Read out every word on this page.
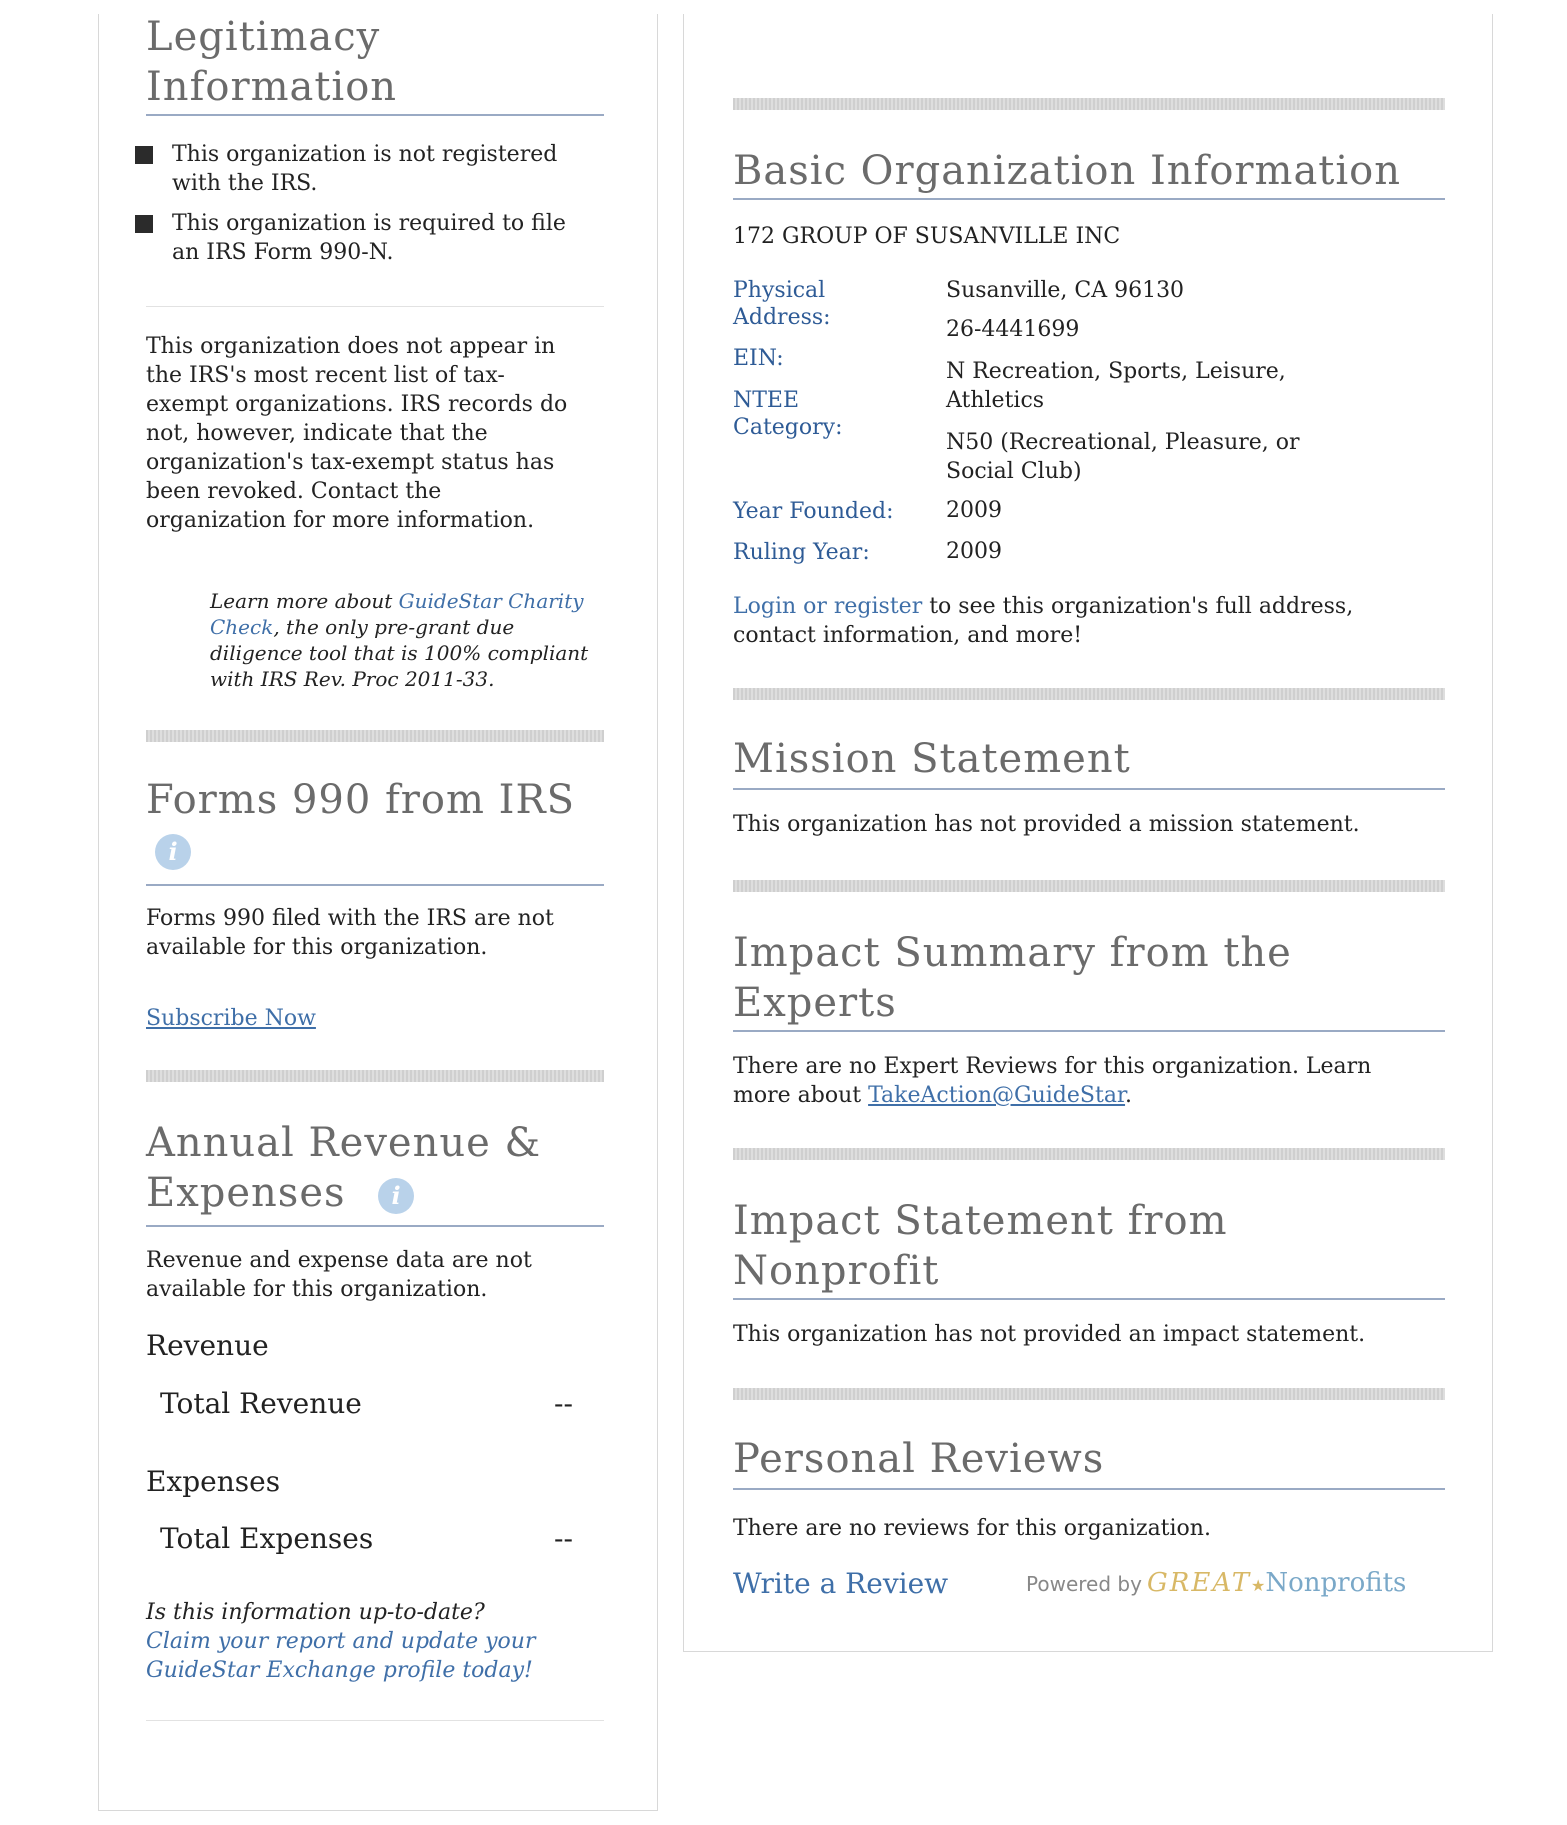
Legitimacy
Information
This organization is not registered
with the IRS.
This organization is required to file
an IRS Form 990-N.
This organization does not appear in
the IRS's most recent list of tax-
exempt organizations. IRS records do
not, however, indicate that the
organization's tax-exempt status has
been revoked. Contact the
organization for more information.
Learn more about GuideStar Charity
Check, the only pre-grant due
diligence tool that is 100% compliant
with IRS Rev. Proc 2011-33.
Forms 990 from IRS
i
Forms 990 filed with the IRS are not
available for this organization.
Subscribe Now
Annual Revenue &
Expenses	i
Revenue and expense data are not
available for this organization.
Revenue
Total Revenue	--
Expenses
Total Expenses	--
Is this information up-to-date?
Claim your report and update your
GuideStar Exchange profile today!
Basic Organization Information
172 GROUP OF SUSANVILLE INC
Physical
Address:
Susanville, CA 96130
EIN:
26-4441699
NTEE
Category:
N Recreation, Sports, Leisure,
Athletics
N50 (Recreational, Pleasure, or
Social Club)
Year Founded: 2009
Ruling Year:	2009
Login or register to see this organization's full address,
contact information, and more!
Mission Statement
This organization has not provided a mission statement.
Impact Summary from the
Experts
There are no Expert Reviews for this organization. Learn
more about TakeAction@GuideStar.
Impact Statement from
Nonprofit
This organization has not provided an impact statement.
Personal Reviews
There are no reviews for this organization.
Write a Review	Powered by GREAT★Nonprofits
